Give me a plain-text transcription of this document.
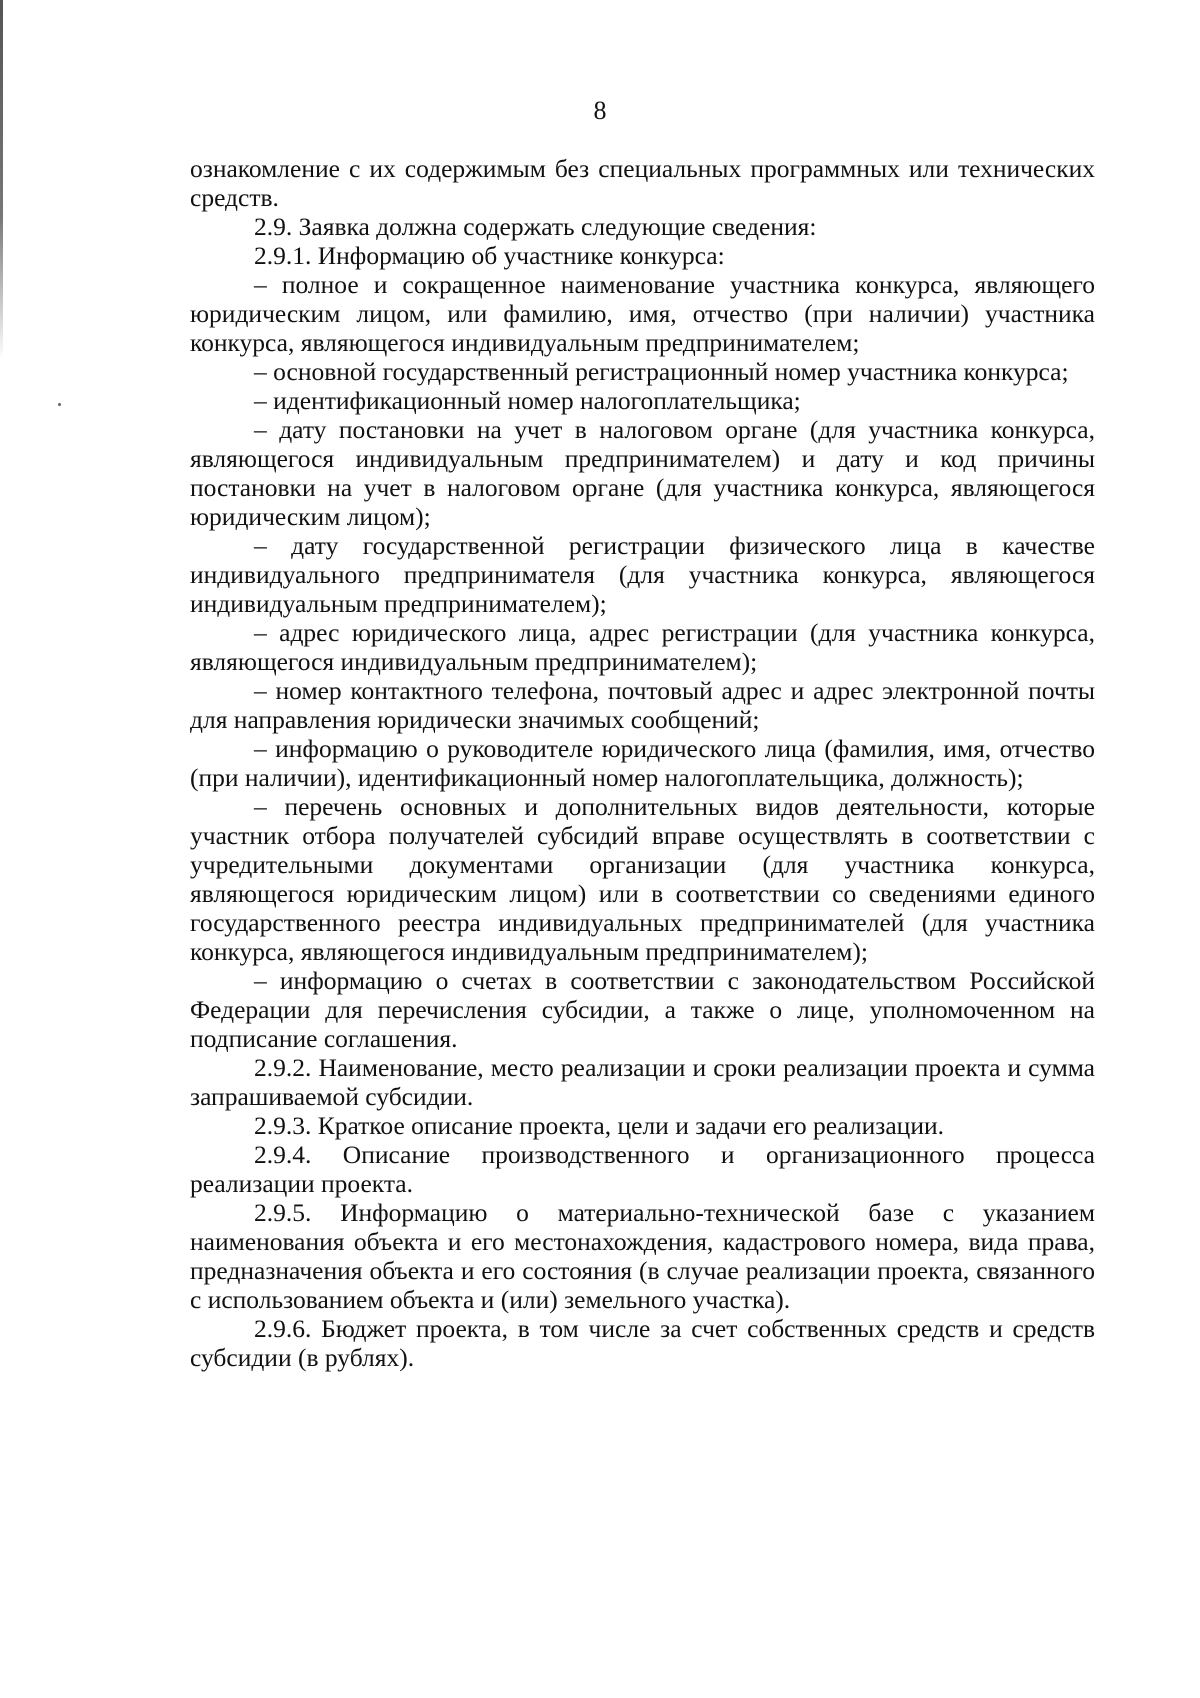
8

ознакомление с их содержимым без специальных программных или технических средств.

2.9. Заявка должна содержать следующие сведения:

2.9.1. Информацию об участнике конкурса:

– полное и сокращенное наименование участника конкурса, являющего юридическим лицом, или фамилию, имя, отчество (при наличии) участника конкурса, являющегося индивидуальным предпринимателем;

– основной государственный регистрационный номер участника конкурса;

– идентификационный номер налогоплательщика;

– дату постановки на учет в налоговом органе (для участника конкурса, являющегося индивидуальным предпринимателем) и дату и код причины постановки на учет в налоговом органе (для участника конкурса, являющегося юридическим лицом);

– дату государственной регистрации физического лица в качестве индивидуального предпринимателя (для участника конкурса, являющегося индивидуальным предпринимателем);

– адрес юридического лица, адрес регистрации (для участника конкурса, являющегося индивидуальным предпринимателем);

– номер контактного телефона, почтовый адрес и адрес электронной почты для направления юридически значимых сообщений;

– информацию о руководителе юридического лица (фамилия, имя, отчество (при наличии), идентификационный номер налогоплательщика, должность);

– перечень основных и дополнительных видов деятельности, которые участник отбора получателей субсидий вправе осуществлять в соответствии с учредительными документами организации (для участника конкурса, являющегося юридическим лицом) или в соответствии со сведениями единого государственного реестра индивидуальных предпринимателей (для участника конкурса, являющегося индивидуальным предпринимателем);

– информацию о счетах в соответствии с законодательством Российской Федерации для перечисления субсидии, а также о лице, уполномоченном на подписание соглашения.

2.9.2. Наименование, место реализации и сроки реализации проекта и сумма запрашиваемой субсидии.

2.9.3. Краткое описание проекта, цели и задачи его реализации.

2.9.4. Описание производственного и организационного процесса реализации проекта.

2.9.5. Информацию о материально-технической базе с указанием наименования объекта и его местонахождения, кадастрового номера, вида права, предназначения объекта и его состояния (в случае реализации проекта, связанного с использованием объекта и (или) земельного участка).

2.9.6. Бюджет проекта, в том числе за счет собственных средств и средств субсидии (в рублях).
